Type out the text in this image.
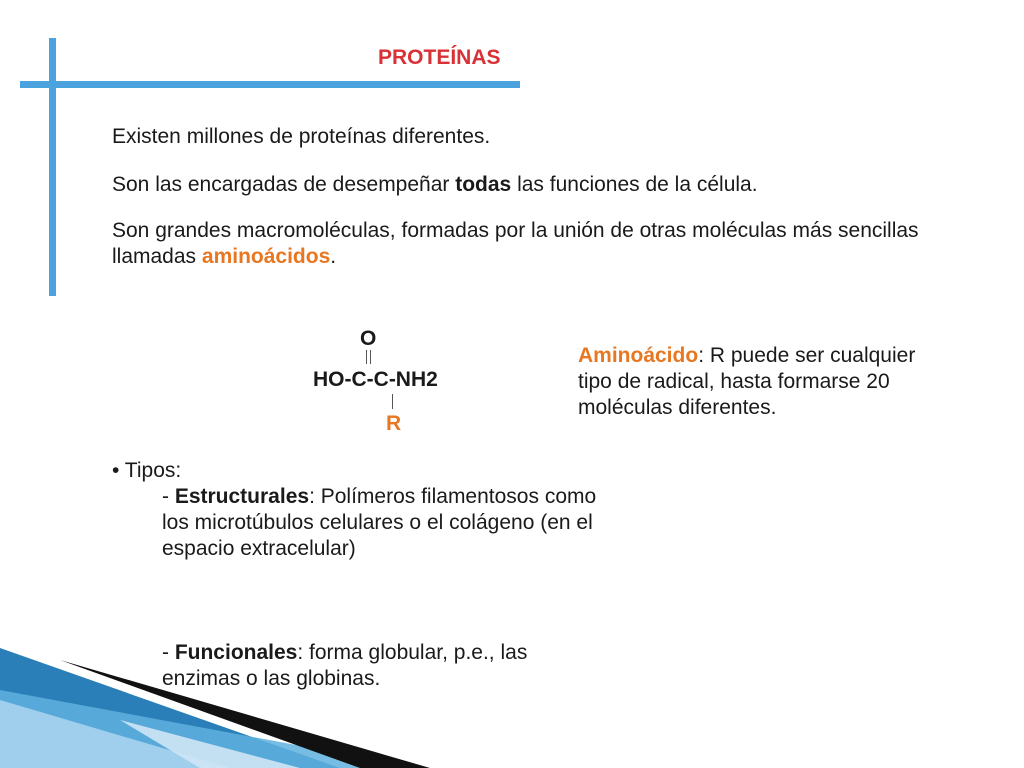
PROTEÍNAS
Existen millones de proteínas diferentes.
Son las encargadas de desempeñar todas las funciones de la célula.
Son grandes macromoléculas, formadas por la unión de otras moléculas más sencillas llamadas aminoácidos.
O
HO-C-C-NH2
R
Aminoácido: R puede ser cualquier tipo de radical, hasta formarse 20 moléculas diferentes.
• Tipos:
- Estructurales: Polímeros filamentosos como los microtúbulos celulares o el colágeno (en el espacio extracelular)
- Funcionales: forma globular, p.e., las enzimas o las globinas.
